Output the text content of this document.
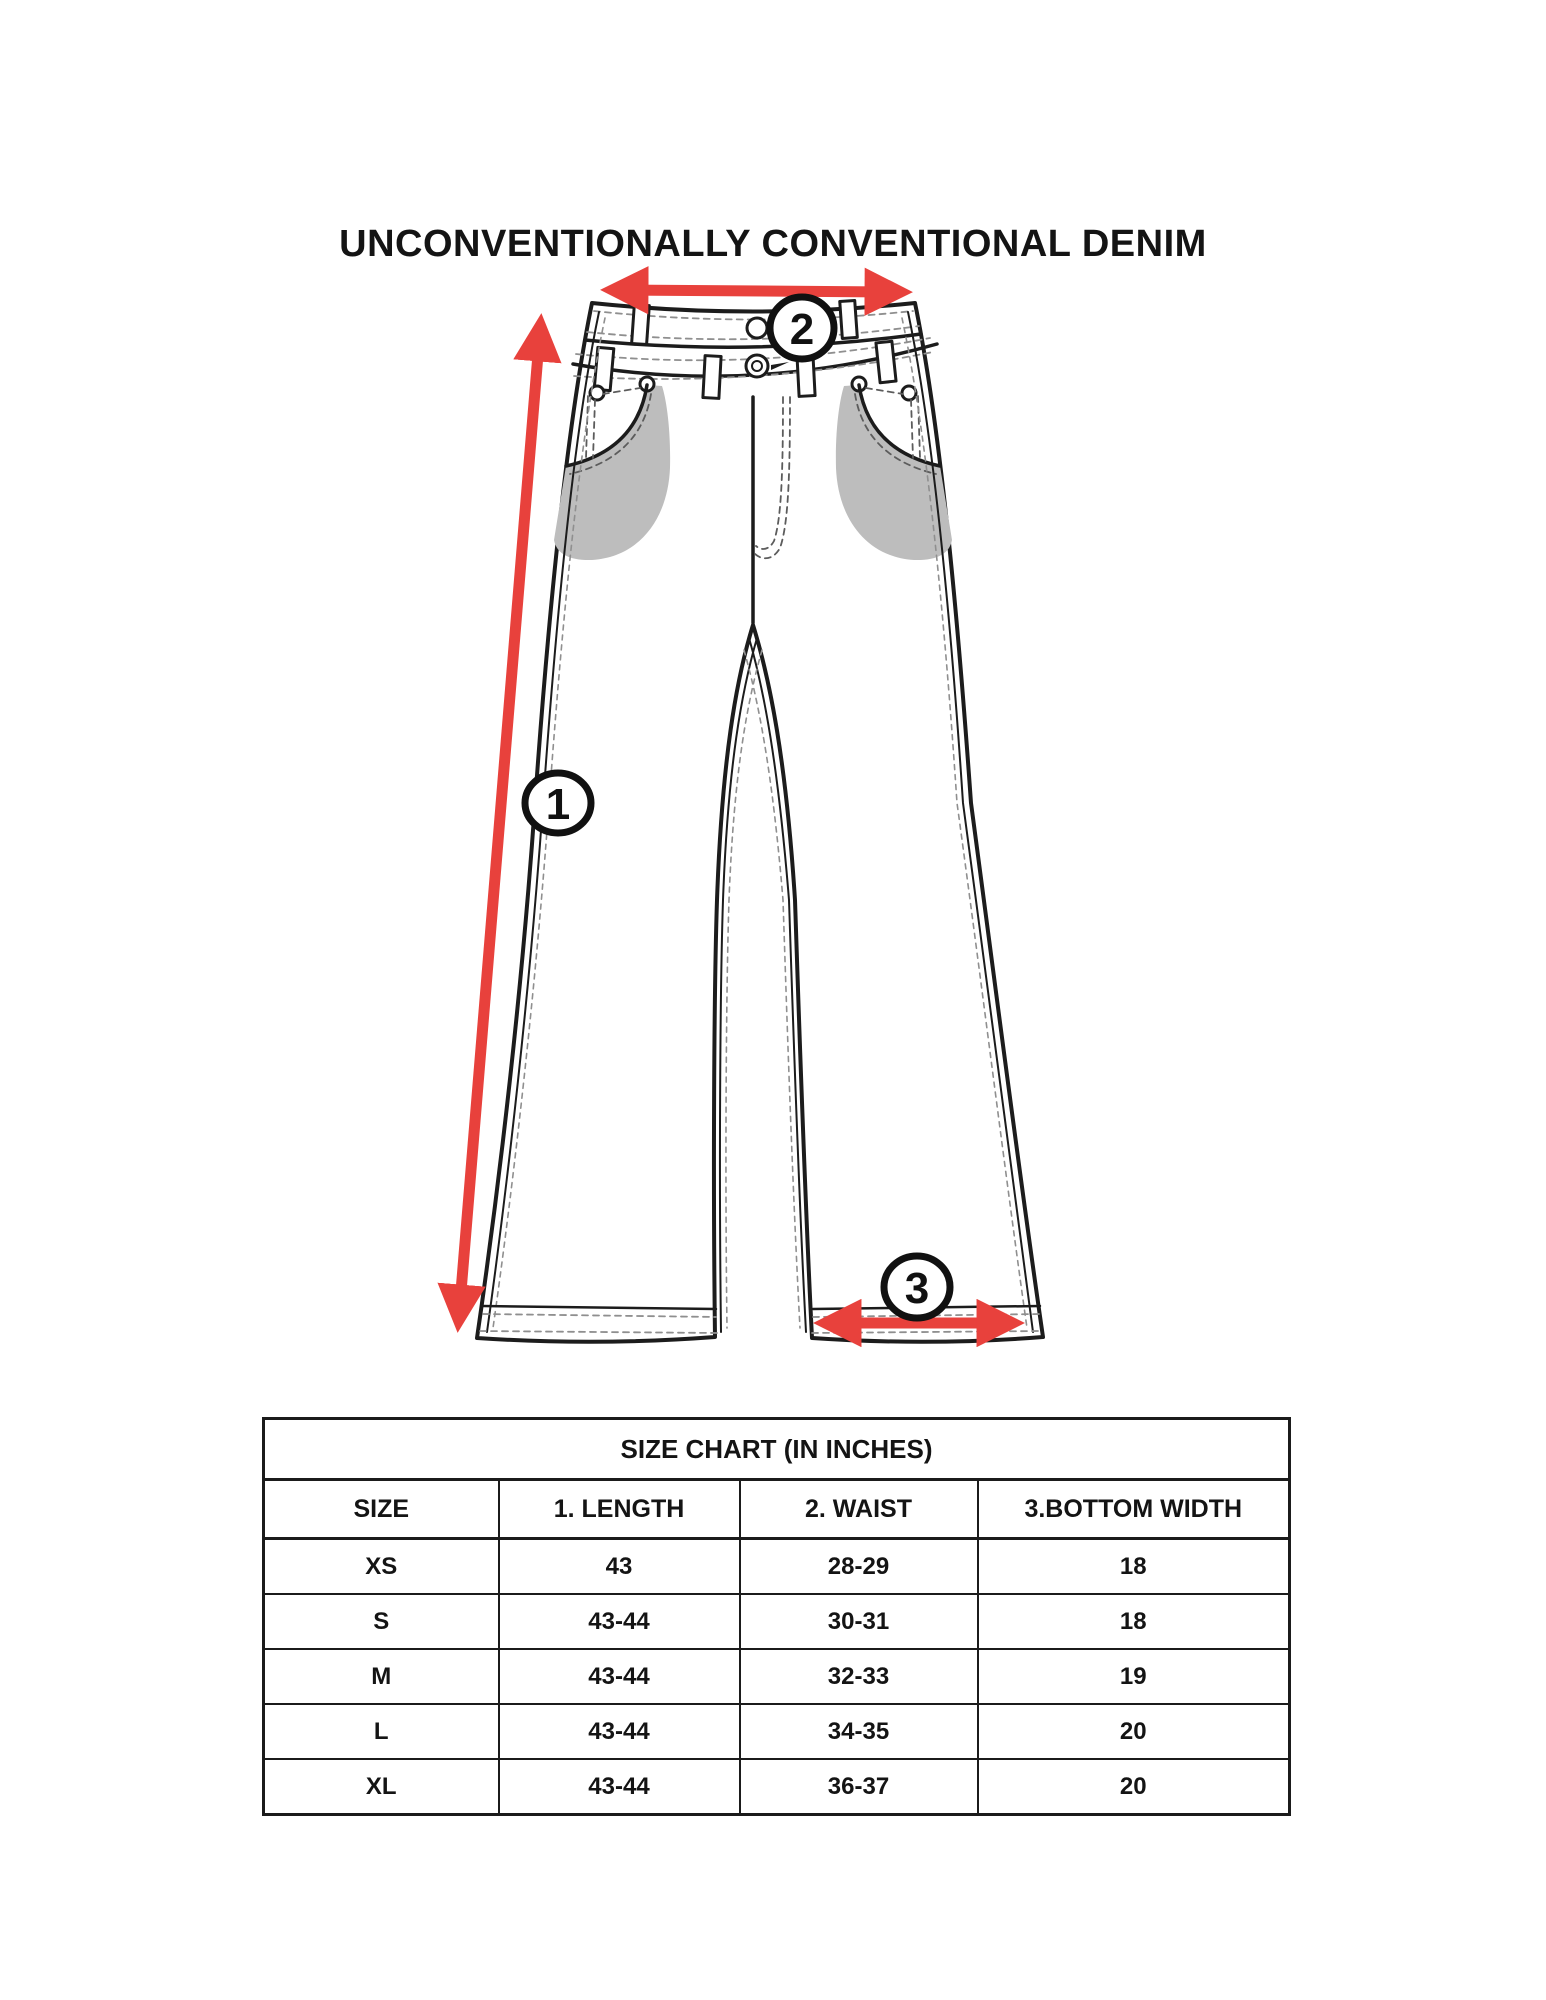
UNCONVENTIONALLY CONVENTIONAL DENIM
1
2
3
SIZE CHART (IN INCHES)			
SIZE	1. LENGTH	2. WAIST	3.BOTTOM WIDTH
XS	43	28-29	18
S	43-44	30-31	18
M	43-44	32-33	19
L	43-44	34-35	20
XL	43-44	36-37	20
